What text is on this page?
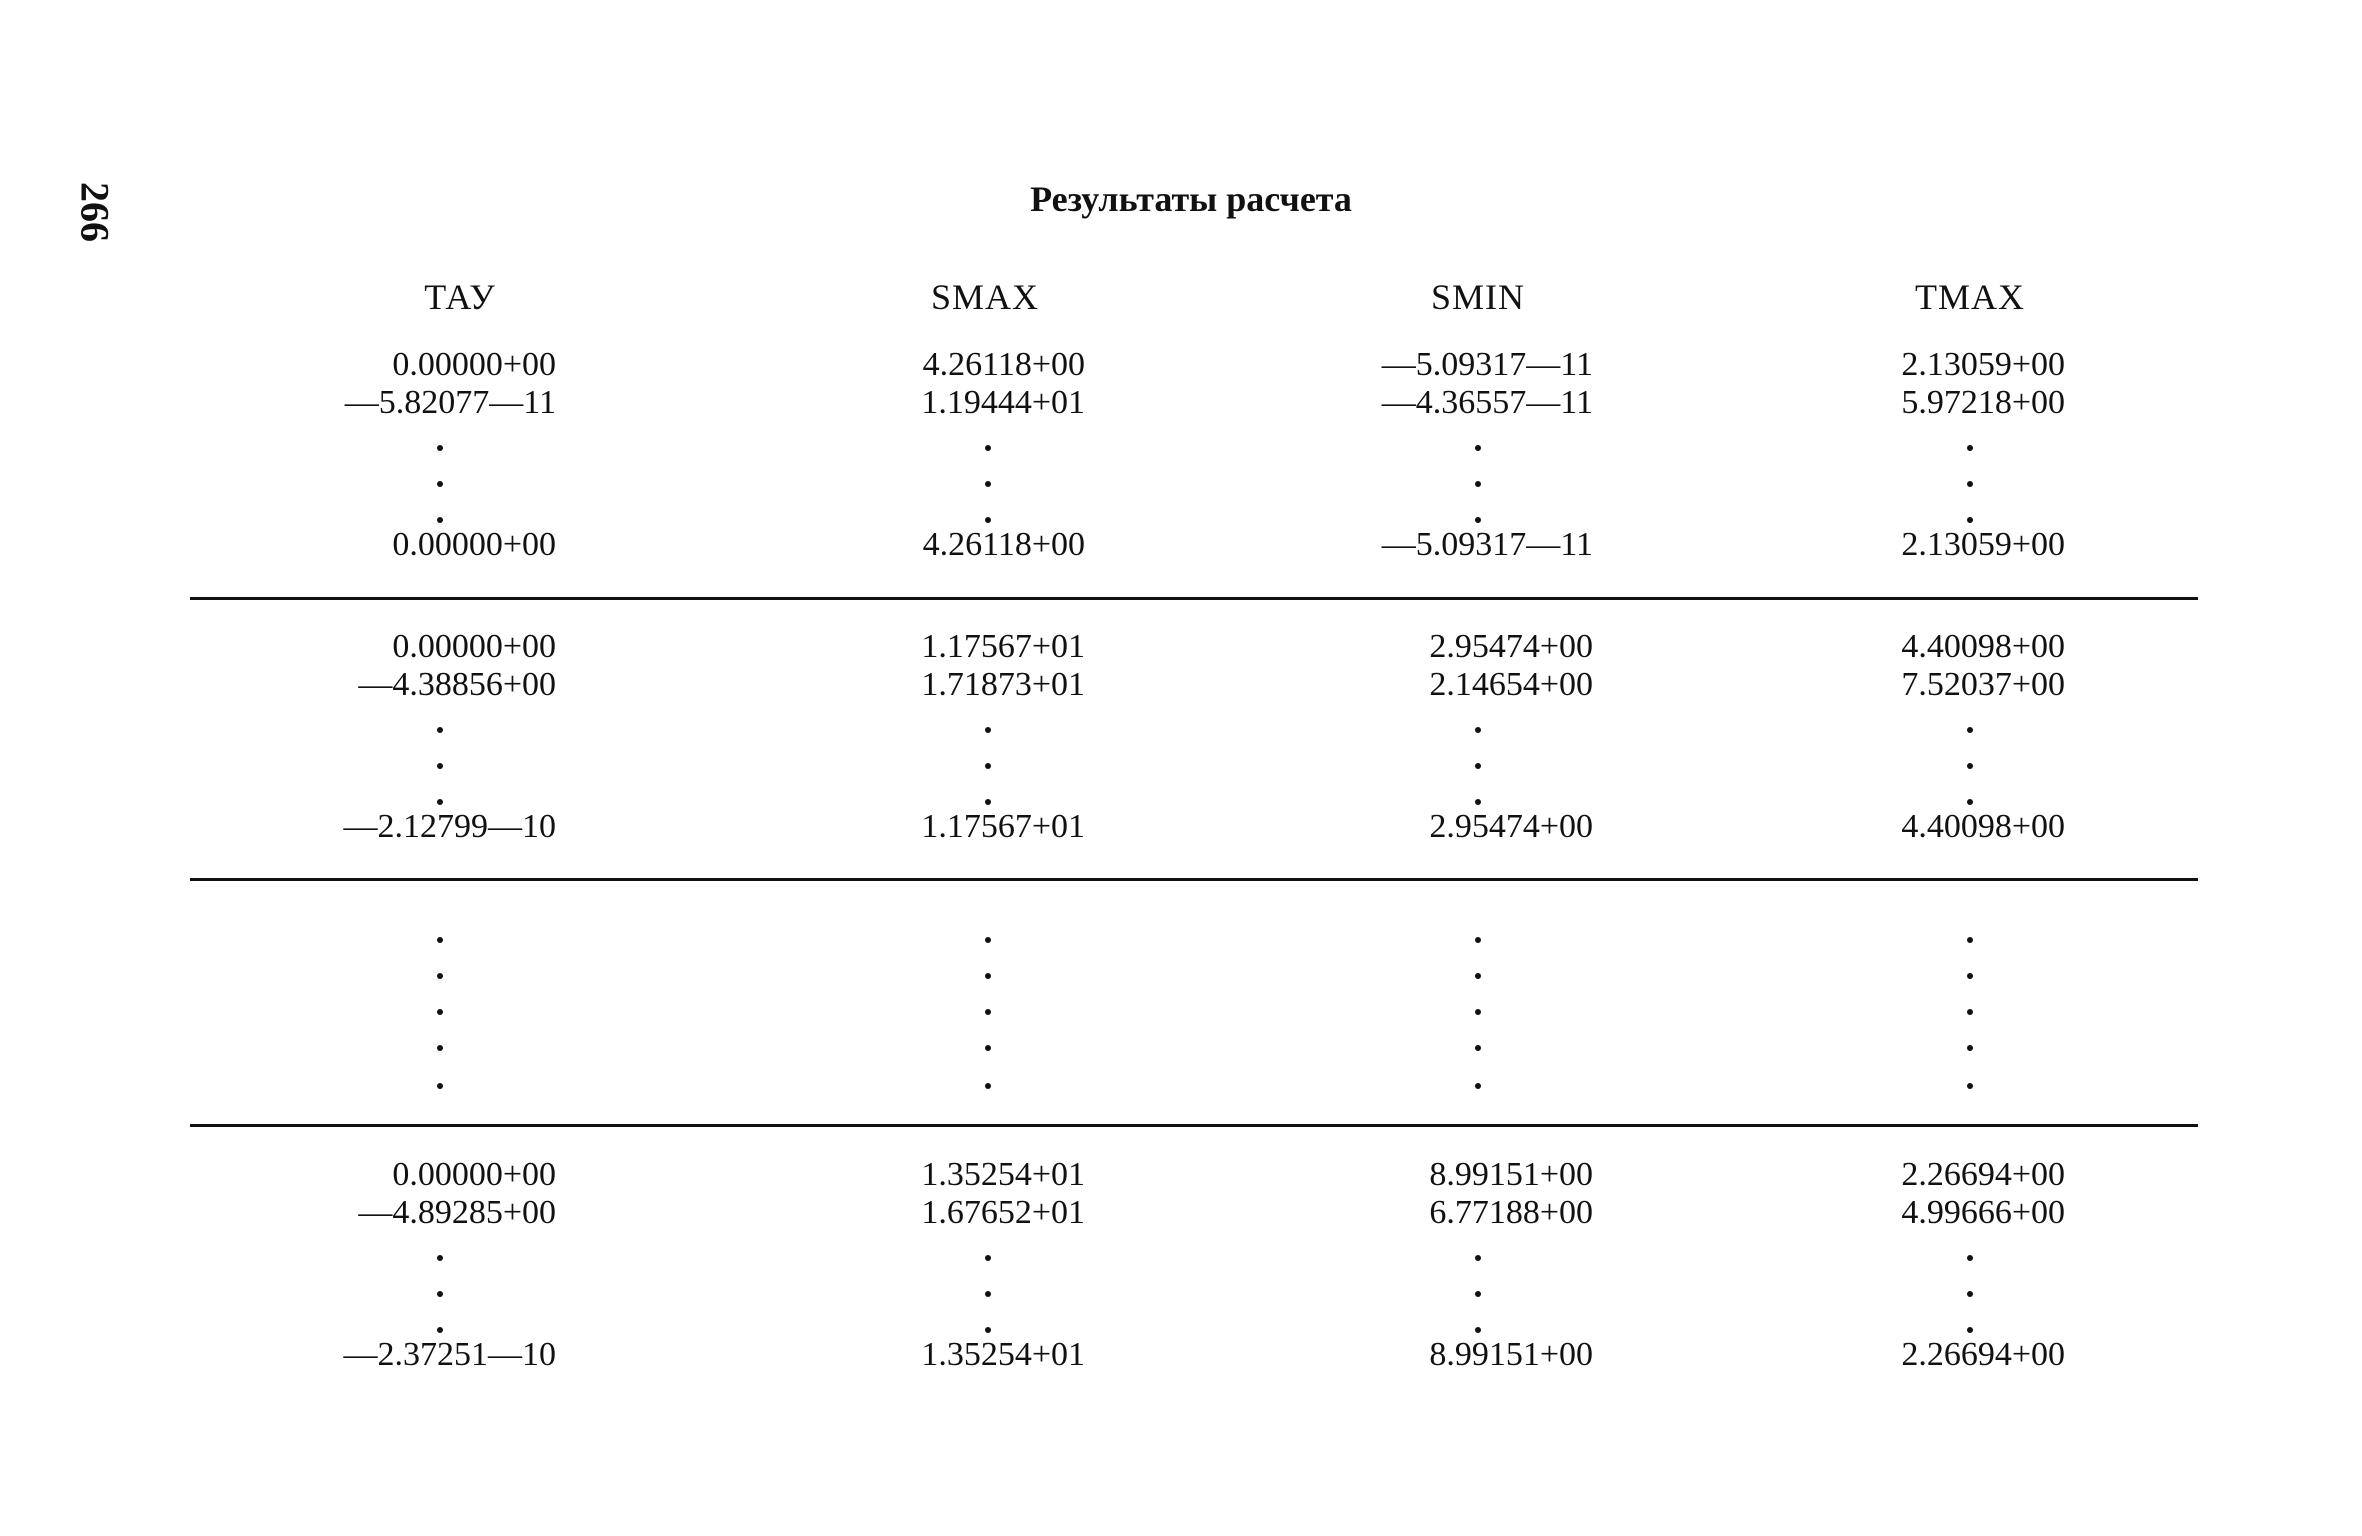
266	Результаты расчета
ТАУ	SMAX	SMIN	TMAX
0.00000+00	4.26118+00	—5.09317—11	2.13059+00
—5.82077—11	1.19444+01	—4.36557—11	5.97218+00
0.00000+00	4.26118+00	—5.09317—11	2.13059+00
0.00000+00	1.17567+01	2.95474+00	4.40098+00
—4.38856+00	1.71873+01	2.14654+00	7.52037+00
—2.12799—10	1.17567+01	2.95474+00	4.40098+00
0.00000+00	1.35254+01	8.99151+00	2.26694+00
—4.89285+00	1.67652+01	6.77188+00	4.99666+00
—2.37251—10	1.35254+01	8.99151+00	2.26694+00
